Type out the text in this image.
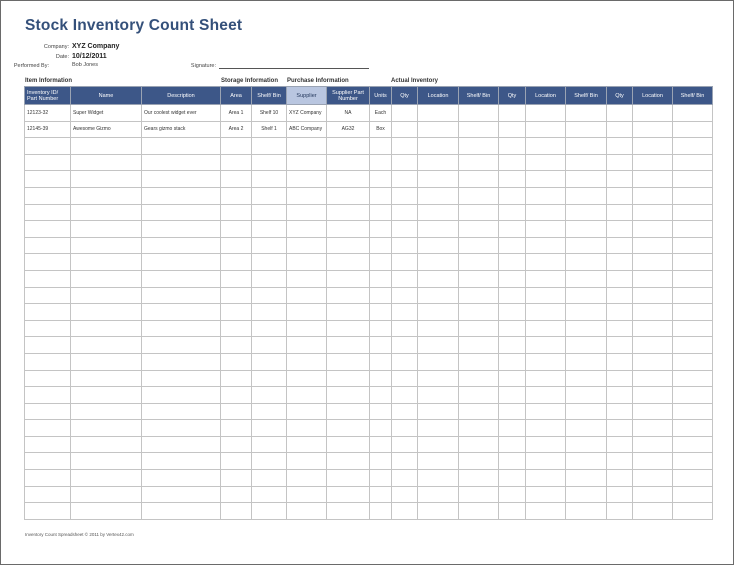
Stock Inventory Count Sheet
Company: XYZ Company
Date: 10/12/2011
Performed By:	Bob Jones	Signature:
Item Information	Storage Information Purchase Information	Actual Inventory
Inventory ID/ Part Number	Name	Description	Area	Shelf/ Bin	Supplier	Supplier Part Number	Units	Qty	Location	Shelf/ Bin	Qty	Location	Shelf/ Bin	Qty	Location	Shelf/ Bin
12123-32	Super Widget	Our coolest widget ever	Area 1	Shelf 10	XYZ Company	NA	Each									
12145-39	Awesome Gizmo	Gears gizmo stack	Area 2	Shelf 1	ABC Company	AG32	Box									

Inventory Count Spreadsheet © 2011 by Vertex42.com
